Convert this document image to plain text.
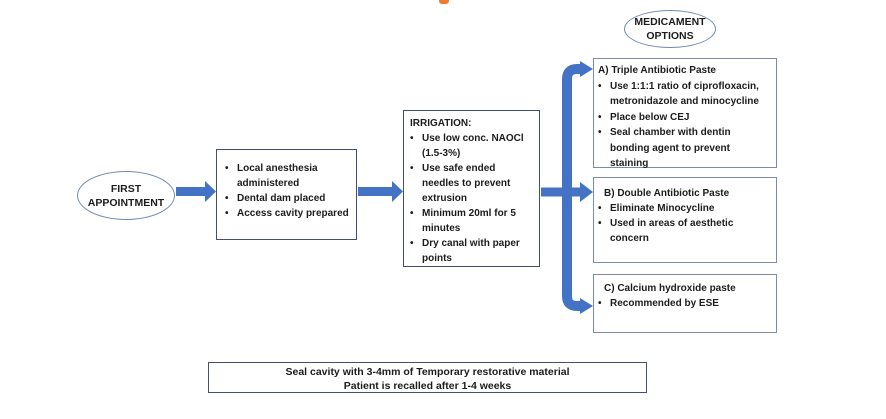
FIRST
APPOINTMENT
• Local anesthesia administered
• Dental dam placed
• Access cavity prepared
IRRIGATION:
• Use low conc. NAOCl (1.5-3%)
• Use safe ended needles to prevent extrusion
• Minimum 20ml for 5 minutes
• Dry canal with paper points
MEDICAMENT
OPTIONS
A) Triple Antibiotic Paste
• Use 1:1:1 ratio of ciprofloxacin, metronidazole and minocycline
• Place below CEJ
• Seal chamber with dentin bonding agent to prevent staining
B) Double Antibiotic Paste
• Eliminate Minocycline
• Used in areas of aesthetic concern
C) Calcium hydroxide paste
• Recommended by ESE
Seal cavity with 3-4mm of Temporary restorative material
Patient is recalled after 1-4 weeks
